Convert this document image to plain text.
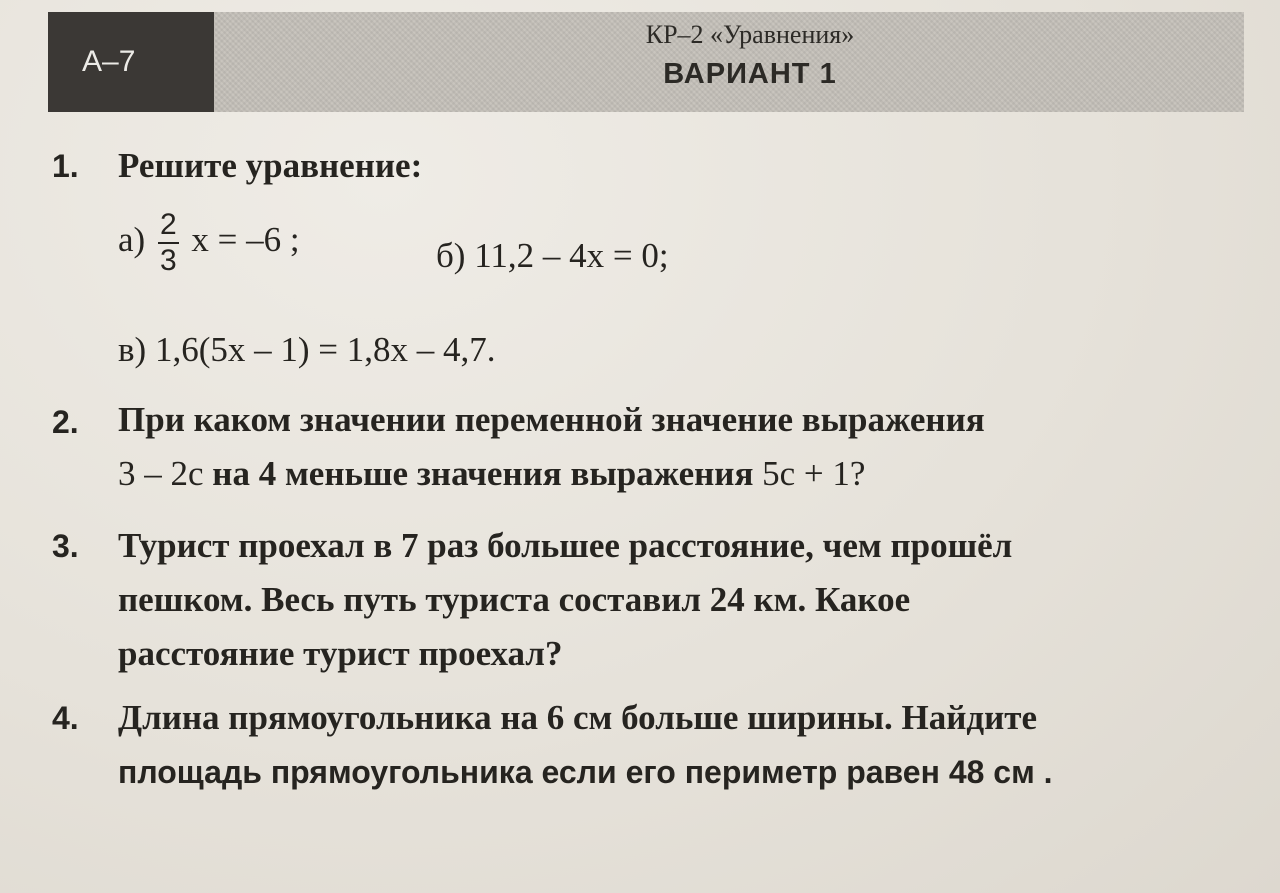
А–7
КР–2 «Уравнения»
ВАРИАНТ 1
1. Решите уравнение:
$а) \frac{2}{3}$ x = –6 ;	б) 11,2 – 4x = 0;
в) 1,6(5x – 1) = 1,8x – 4,7.
2. При каком значении переменной значение выражения
3 – 2c на 4 меньше значения выражения 5c + 1?
3. Турист проехал в 7 раз большее расстояние, чем прошёл
пешком. Весь путь туриста составил 24 км. Какое
расстояние турист проехал?
4. Длина прямоугольника на 6 см больше ширины. Найдите
площадь прямоугольника если его периметр равен 48 см .
